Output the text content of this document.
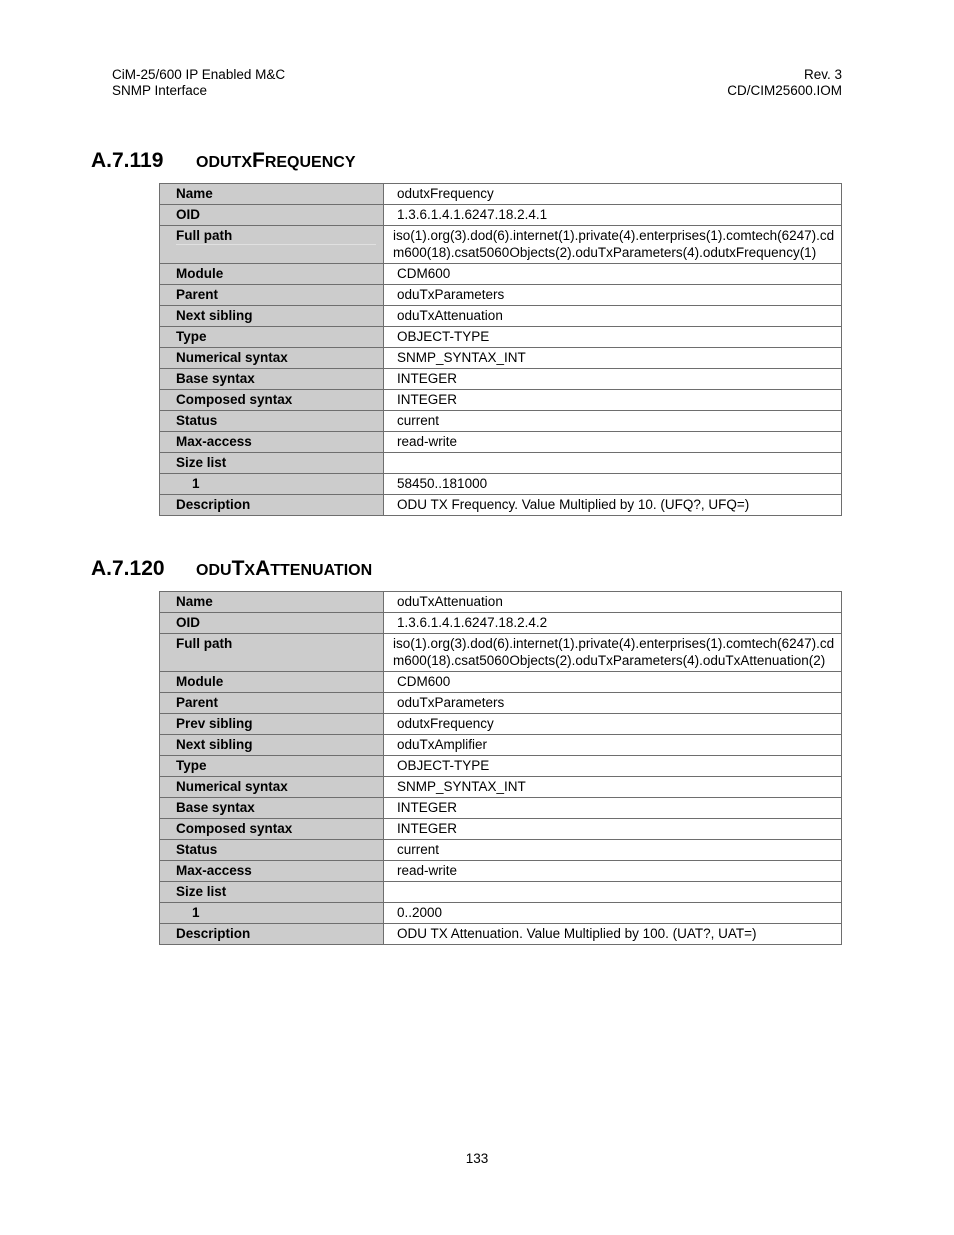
CiM-25/600 IP Enabled M&C
SNMP Interface
Rev. 3
CD/CIM25600.IOM
A.7.119 ODUTXFREQUENCY
Name	odutxFrequency
OID	1.3.6.1.4.1.6247.18.2.4.1

Full path	iso(1).org(3).dod(6).internet(1).private(4).enterprises(1).comtech(6247).cdm600(18).csat5060Objects(2).oduTxParameters(4).odutxFrequency(1)
Module	CDM600
Parent	oduTxParameters
Next sibling	oduTxAttenuation
Type	OBJECT-TYPE
Numerical syntax	SNMP_SYNTAX_INT
Base syntax	INTEGER
Composed syntax	INTEGER
Status	current
Max-access	read-write
Size list	
1	58450..181000
Description	ODU TX Frequency. Value Multiplied by 10. (UFQ?, UFQ=)
A.7.120 ODUTXATTENUATION
Name	oduTxAttenuation
OID	1.3.6.1.4.1.6247.18.2.4.2
Full path	iso(1).org(3).dod(6).internet(1).private(4).enterprises(1).comtech(6247).cdm600(18).csat5060Objects(2).oduTxParameters(4).oduTxAttenuation(2)
Module	CDM600
Parent	oduTxParameters
Prev sibling	odutxFrequency
Next sibling	oduTxAmplifier
Type	OBJECT-TYPE
Numerical syntax	SNMP_SYNTAX_INT
Base syntax	INTEGER
Composed syntax	INTEGER
Status	current
Max-access	read-write
Size list	
1	0..2000
Description	ODU TX Attenuation. Value Multiplied by 100. (UAT?, UAT=)
133
